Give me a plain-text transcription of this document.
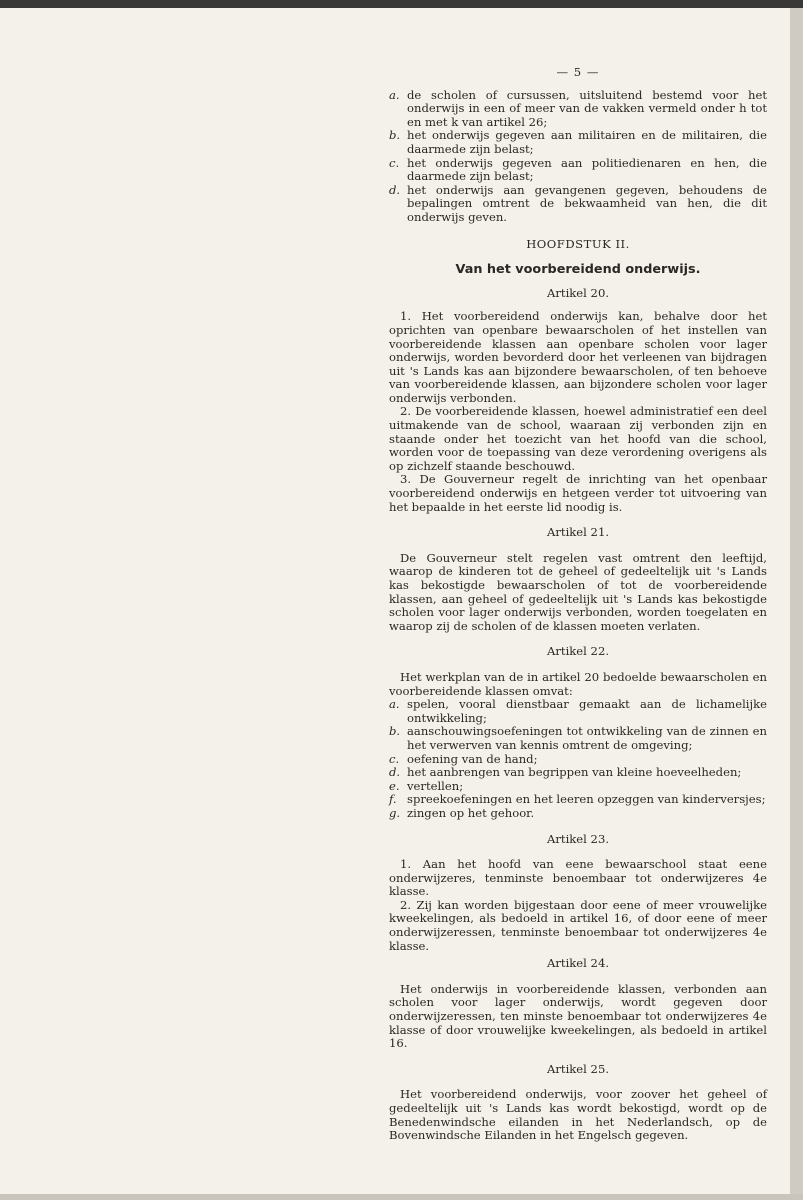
— 5 —
a. de scholen of cursussen, uitsluitend bestemd voor het onderwijs in een of meer van de vakken vermeld onder h tot en met k van artikel 26;
b. het onderwijs gegeven aan militairen en de militairen, die daarmede zijn belast;
c. het onderwijs gegeven aan politiedienaren en hen, die daarmede zijn belast;
d. het onderwijs aan gevangenen gegeven, behoudens de bepalingen omtrent de bekwaamheid van hen, die dit onderwijs geven.
HOOFDSTUK II.
Van het voorbereidend onderwijs.
Artikel 20.
1. Het voorbereidend onderwijs kan, behalve door het oprichten van openbare bewaarscholen of het instellen van voorbereidende klassen aan openbare scholen voor lager onderwijs, worden bevorderd door het verleenen van bijdragen uit 's Lands kas aan bijzondere bewaarscholen, of ten behoeve van voorbereidende klassen, aan bijzondere scholen voor lager onderwijs verbonden.
2. De voorbereidende klassen, hoewel administratief een deel uitmakende van de school, waaraan zij verbonden zijn en staande onder het toezicht van het hoofd van die school, worden voor de toepassing van deze verordening overigens als op zichzelf staande beschouwd.
3. De Gouverneur regelt de inrichting van het openbaar voorbereidend onderwijs en hetgeen verder tot uitvoering van het bepaalde in het eerste lid noodig is.
Artikel 21.
De Gouverneur stelt regelen vast omtrent den leeftijd, waarop de kinderen tot de geheel of gedeeltelijk uit 's Lands kas bekostigde bewaarscholen of tot de voorbereidende klassen, aan geheel of gedeeltelijk uit 's Lands kas bekostigde scholen voor lager onderwijs verbonden, worden toegelaten en waarop zij de scholen of de klassen moeten verlaten.
Artikel 22.
Het werkplan van de in artikel 20 bedoelde bewaarscholen en voorbereidende klassen omvat:
a. spelen, vooral dienstbaar gemaakt aan de lichamelijke ontwikkeling;
b. aanschouwingsoefeningen tot ontwikkeling van de zinnen en het verwerven van kennis omtrent de omgeving;
c. oefening van de hand;
d. het aanbrengen van begrippen van kleine hoeveelheden;
e. vertellen;
f. spreekoefeningen en het leeren opzeggen van kinderversjes;
g. zingen op het gehoor.
Artikel 23.
1. Aan het hoofd van eene bewaarschool staat eene onderwijzeres, tenminste benoembaar tot onderwijzeres 4e klasse.
2. Zij kan worden bijgestaan door eene of meer vrouwelijke kweekelingen, als bedoeld in artikel 16, of door eene of meer onderwijzeressen, tenminste benoembaar tot onderwijzeres 4e klasse.
Artikel 24.
Het onderwijs in voorbereidende klassen, verbonden aan scholen voor lager onderwijs, wordt gegeven door onderwijzeressen, ten minste benoembaar tot onderwijzeres 4e klasse of door vrouwelijke kweekelingen, als bedoeld in artikel 16.
Artikel 25.
Het voorbereidend onderwijs, voor zoover het geheel of gedeeltelijk uit 's Lands kas wordt bekostigd, wordt op de Benedenwindsche eilanden in het Nederlandsch, op de Bovenwindsche Eilanden in het Engelsch gegeven.
